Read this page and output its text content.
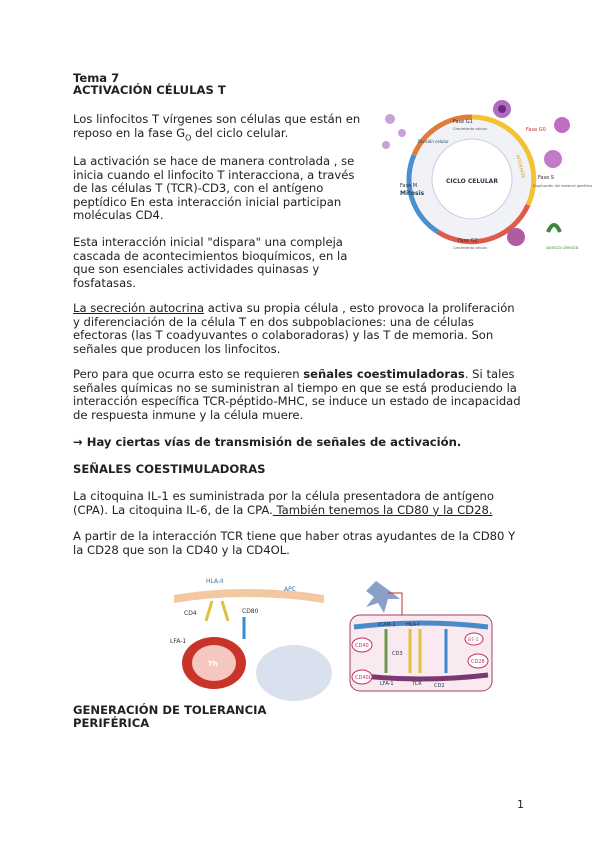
Tema 7

ACTIVACIÓN CÉLULAS T

Los linfocitos T vírgenes son células que están en reposo en la fase $G_O$ del ciclo celular.

La activación se hace de manera controlada , se inicia cuando el linfocito T interacciona, a través de las células T (TCR)-CD3, con el antígeno peptídico En esta interacción inicial participan moléculas CD4.

Esta interacción inicial "dispara" una compleja cascada de acontecimientos bioquímicos, en la que son esenciales actividades quinasas y fosfatasas.

La secreción autocrina activa su propia célula , esto provoca la proliferación y diferenciación de la célula T en dos subpoblaciones: una de células efectoras (las T coadyuvantes o colaboradoras) y las T de memoria. Son señales que producen los linfocitos.

Pero para que ocurra esto se requieren señales coestimuladoras. Si tales señales químicas no se suministran al tiempo en que se está produciendo la interacción específica TCR-péptido-MHC, se induce un estado de incapacidad de respuesta inmune y la célula muere.

→ Hay ciertas vías de transmisión de señales de activación.

SEÑALES COESTIMULADORAS

La citoquina IL-1 es suministrada por la célula presentadora de antígeno (CPA). La citoquina IL-6, de la CPA. También tenemos la CD80 y la CD28.

A partir de la interacción TCR tiene que haber otras ayudantes de la CD80 Y la CD28 que son la CD40 y la CD4OL.

GENERACIÓN DE TOLERANCIA

PERIFÉRICA

1
CICLO CELULAR
Fase G1
Crecimiento celular	Fase G0
Fase S
Duplicación del material genético
Fase G2
Crecimiento celular
Fase M
Mitosis
División celular
INTERFASE
acerca ciencia
HLA-II
APC
CD4	CD80
LFA-1
Th
ICAM-1 HLA-I
CD3
CD40
CD28
CD40L
B7-1
LFA-1	TCR CD2
